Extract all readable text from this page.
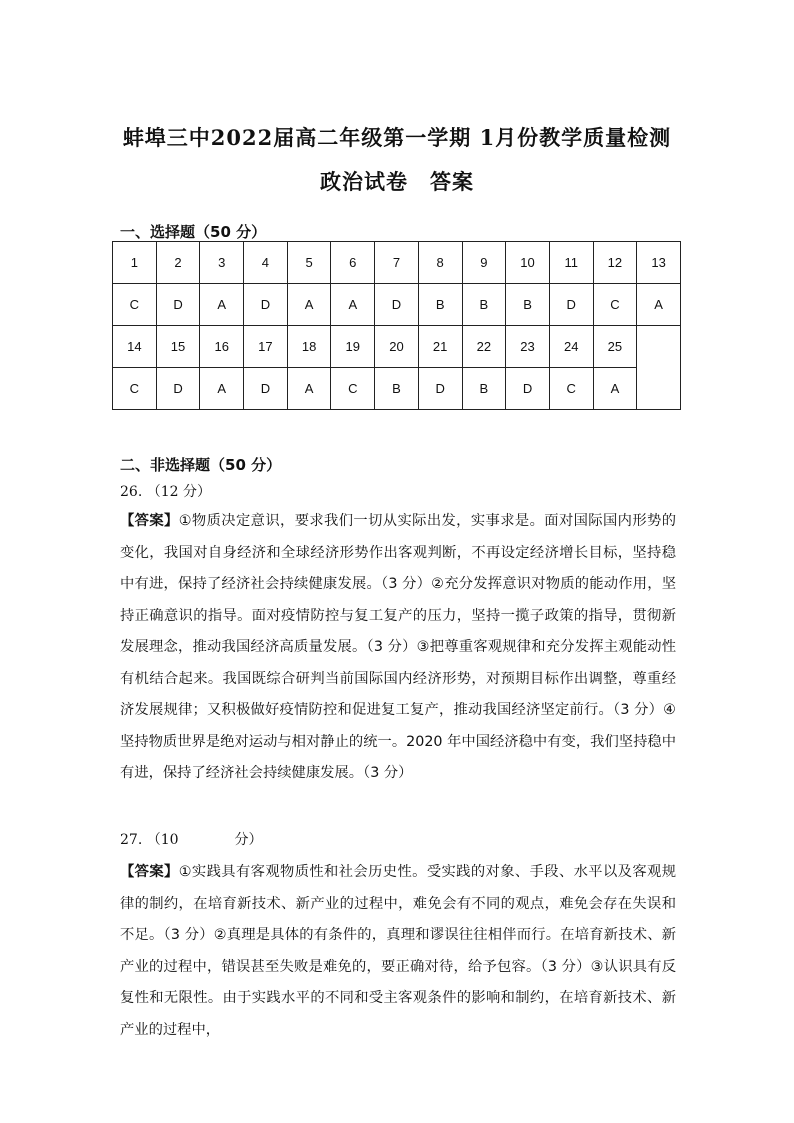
蚌埠三中2022届高二年级第一学期 1月份教学质量检测
政治试卷　答案
一、选择题（50 分）
1	2	3	4	5	6	7	8	9	10	11	12	13
C	D	A	D	A	A	D	B	B	B	D	C	A
14	15	16	17	18	19	20	21	22	23	24	25	
C	D	A	D	A	C	B	D	B	D	C	A	
二、非选择题（50 分）
26. （12 分）
【答案】①物质决定意识，要求我们一切从实际出发，实事求是。面对国际国内形势的变化，我国对自身经济和全球经济形势作出客观判断，不再设定经济增长目标，坚持稳中有进，保持了经济社会持续健康发展。（3 分）②充分发挥意识对物质的能动作用，坚持正确意识的指导。面对疫情防控与复工复产的压力，坚持一揽子政策的指导，贯彻新发展理念，推动我国经济高质量发展。（3 分）③把尊重客观规律和充分发挥主观能动性有机结合起来。我国既综合研判当前国际国内经济形势，对预期目标作出调整，尊重经济发展规律；又积极做好疫情防控和促进复工复产，推动我国经济坚定前行。（3 分）④坚持物质世界是绝对运动与相对静止的统一。2020 年中国经济稳中有变，我们坚持稳中有进，保持了经济社会持续健康发展。（3 分）
27. （10　　　　分）
【答案】①实践具有客观物质性和社会历史性。受实践的对象、手段、水平以及客观规律的制约，在培育新技术、新产业的过程中，难免会有不同的观点，难免会存在失误和不足。（3 分）②真理是具体的有条件的，真理和谬误往往相伴而行。在培育新技术、新产业的过程中，错误甚至失败是难免的，要正确对待，给予包容。（3 分）③认识具有反复性和无限性。由于实践水平的不同和受主客观条件的影响和制约，在培育新技术、新产业的过程中，
